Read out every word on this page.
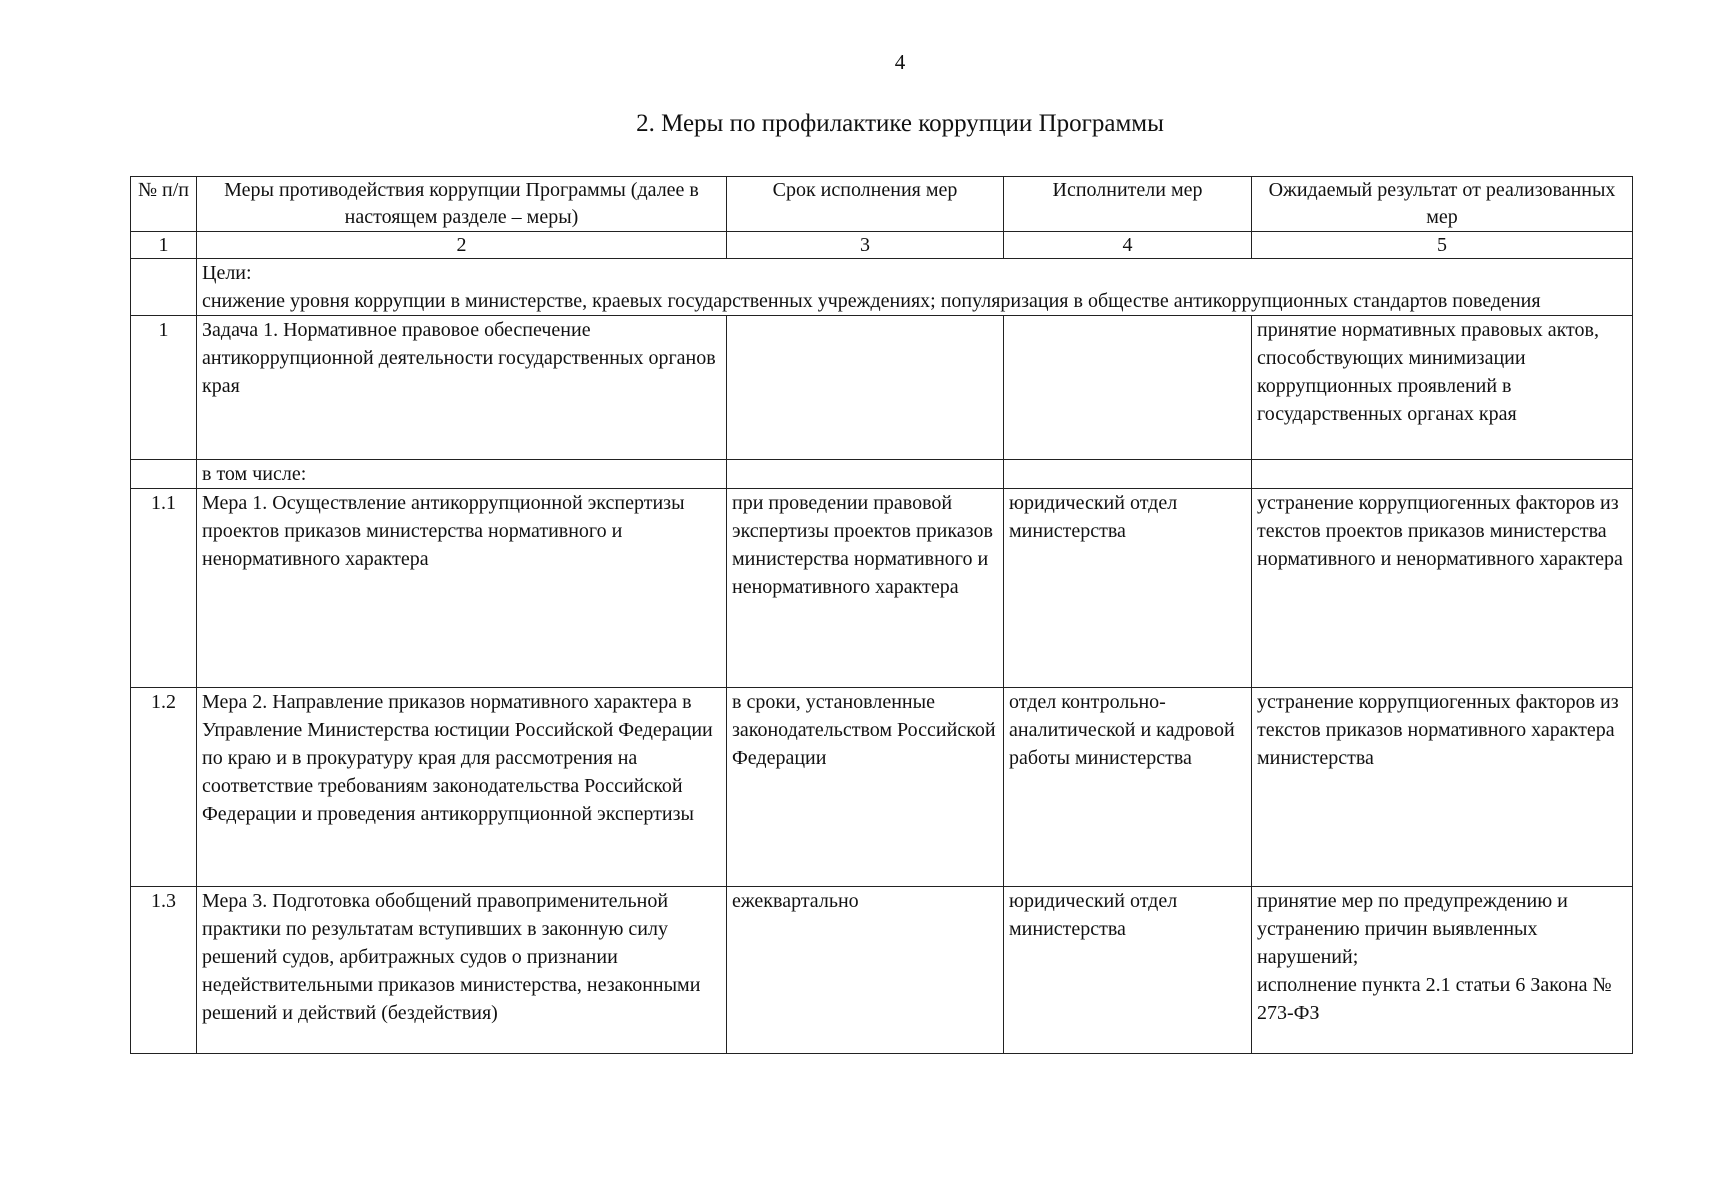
4
2. Меры по профилактике коррупции Программы
№ п/п	Меры противодействия коррупции Программы (далее в настоящем разделе – меры)	Срок исполнения мер	Исполнители мер	Ожидаемый результат от реализованных мер
1	2	3	4	5

	Цели:
снижение уровня коррупции в министерстве, краевых государственных учреждениях; популяризация в обществе антикоррупционных стандартов поведения			

1	Задача 1. Нормативное правовое обеспечение антикоррупционной деятельности государственных органов края			принятие нормативных правовых актов, способствующих минимизации коррупционных проявлений в государственных органах края
	в том числе:			
1.1	Мера 1. Осуществление антикоррупционной экспертизы проектов приказов министерства нормативного и ненормативного характера	при проведении правовой экспертизы проектов приказов министерства нормативного и ненормативного характера	юридический отдел министерства	устранение коррупциогенных факторов из текстов проектов приказов министерства нормативного и ненормативного характера
1.2	Мера 2. Направление приказов нормативного характера в Управление Министерства юстиции Российской Федерации по краю и в прокуратуру края для рассмотрения на соответствие требованиям законодательства Российской Федерации и проведения антикоррупционной экспертизы	в сроки, установленные законодательством Российской Федерации	отдел контрольно-аналитической и кадровой работы министерства	устранение коррупциогенных факторов из текстов приказов нормативного характера министерства
1.3	Мера 3. Подготовка обобщений правоприменительной практики по результатам вступивших в законную силу решений судов, арбитражных судов о признании недействительными приказов министерства, незаконными решений и действий (бездействия)	ежеквартально	юридический отдел министерства	принятие мер по предупреждению и устранению причин выявленных нарушений;
исполнение пункта 2.1 статьи 6 Закона № 273-ФЗ
